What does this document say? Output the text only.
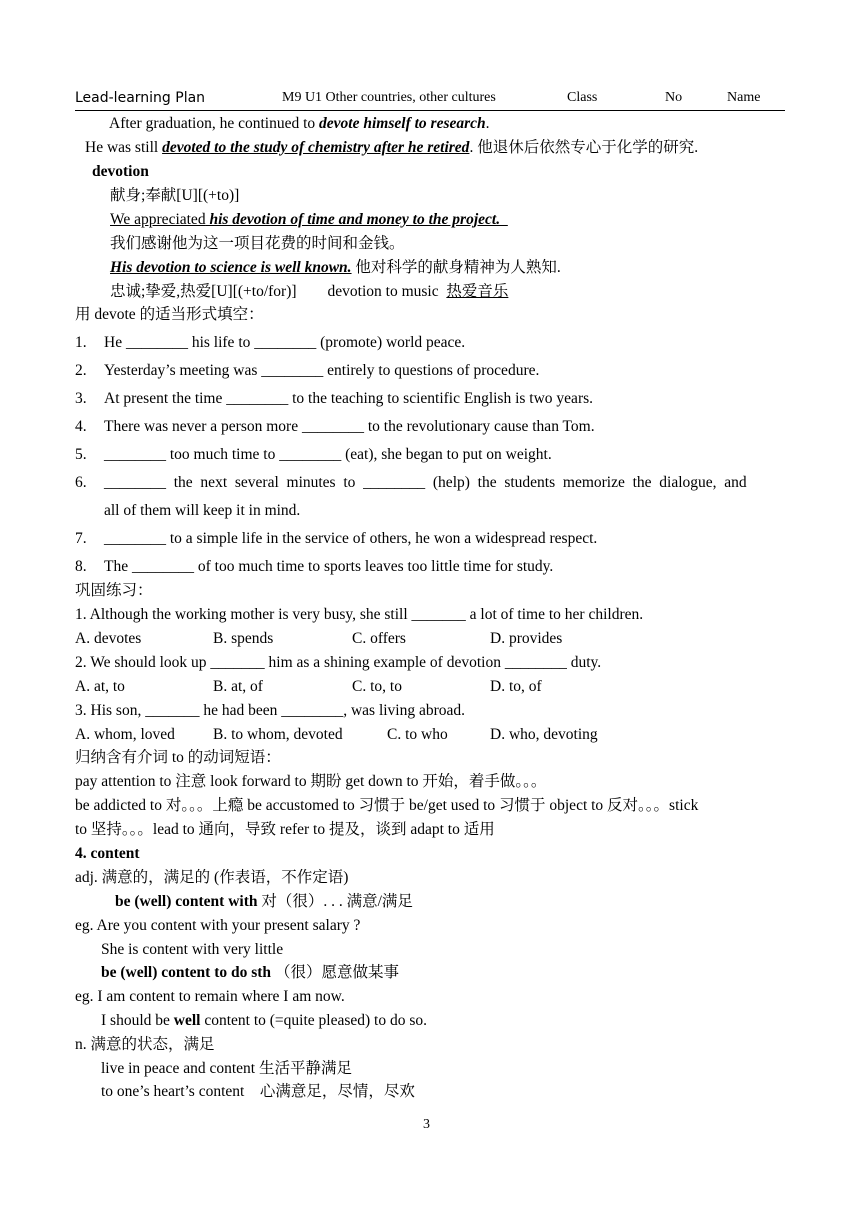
Lead-learning Plan	M9 U1 Other countries, other cultures	Class	No	Name
After graduation, he continued to devote himself to research.
He was still devoted to the study of chemistry after he retired. 他退休后依然专心于化学的研究.
devotion
献身;奉献[U][(+to)]
We appreciated his devotion of time and money to the project.
我们感谢他为这一项目花费的时间和金钱。
His devotion to science is well known. 他对科学的献身精神为人熟知.
忠诚;挚爱,热爱[U][(+to/for)]        devotion to music  热爱音乐
用 devote 的适当形式填空：
1. He ________ his life to ________ (promote) world peace.
2. Yesterday’s meeting was ________ entirely to questions of procedure.
3. At present the time ________ to the teaching to scientific English is two years.
4. There was never a person more ________ to the revolutionary cause than Tom.
5. ________ too much time to ________ (eat), she began to put on weight.
6. ________  the  next  several  minutes  to  ________  (help)  the  students  memorize  the  dialogue,  and
all of them will keep it in mind.
7. ________ to a simple life in the service of others, he won a widespread respect.
8. The ________ of too much time to sports leaves too little time for study.
巩固练习：
1. Although the working mother is very busy, she still _______ a lot of time to her children.
A. devotes	B. spends	C. offers	D. provides
2. We should look up _______ him as a shining example of devotion ________ duty.
A. at, to	B. at, of	C. to, to	D. to, of
3. His son, _______ he had been ________, was living abroad.
A. whom, loved B. to whom, devoted	C. to who	D. who, devoting
归纳含有介词 to 的动词短语：
pay attention to 注意 look forward to 期盼 get down to 开始，着手做。。。
be addicted to 对。。。上瘾 be accustomed to 习惯于 be/get used to 习惯于 object to 反对。。。stick
to 坚持。。。lead to 通向，导致 refer to 提及，谈到 adapt to 适用
4. content
adj. 满意的，满足的 (作表语，不作定语)
be (well) content with 对（很）. . . 满意/满足
eg. Are you content with your present salary ?
She is content with very little
be (well) content to do sth （很）愿意做某事
eg. I am content to remain where I am now.
I should be well content to (=quite pleased) to do so.
n. 满意的状态，满足
live in peace and content 生活平静满足
to one’s heart’s content    心满意足，尽情，尽欢
3
